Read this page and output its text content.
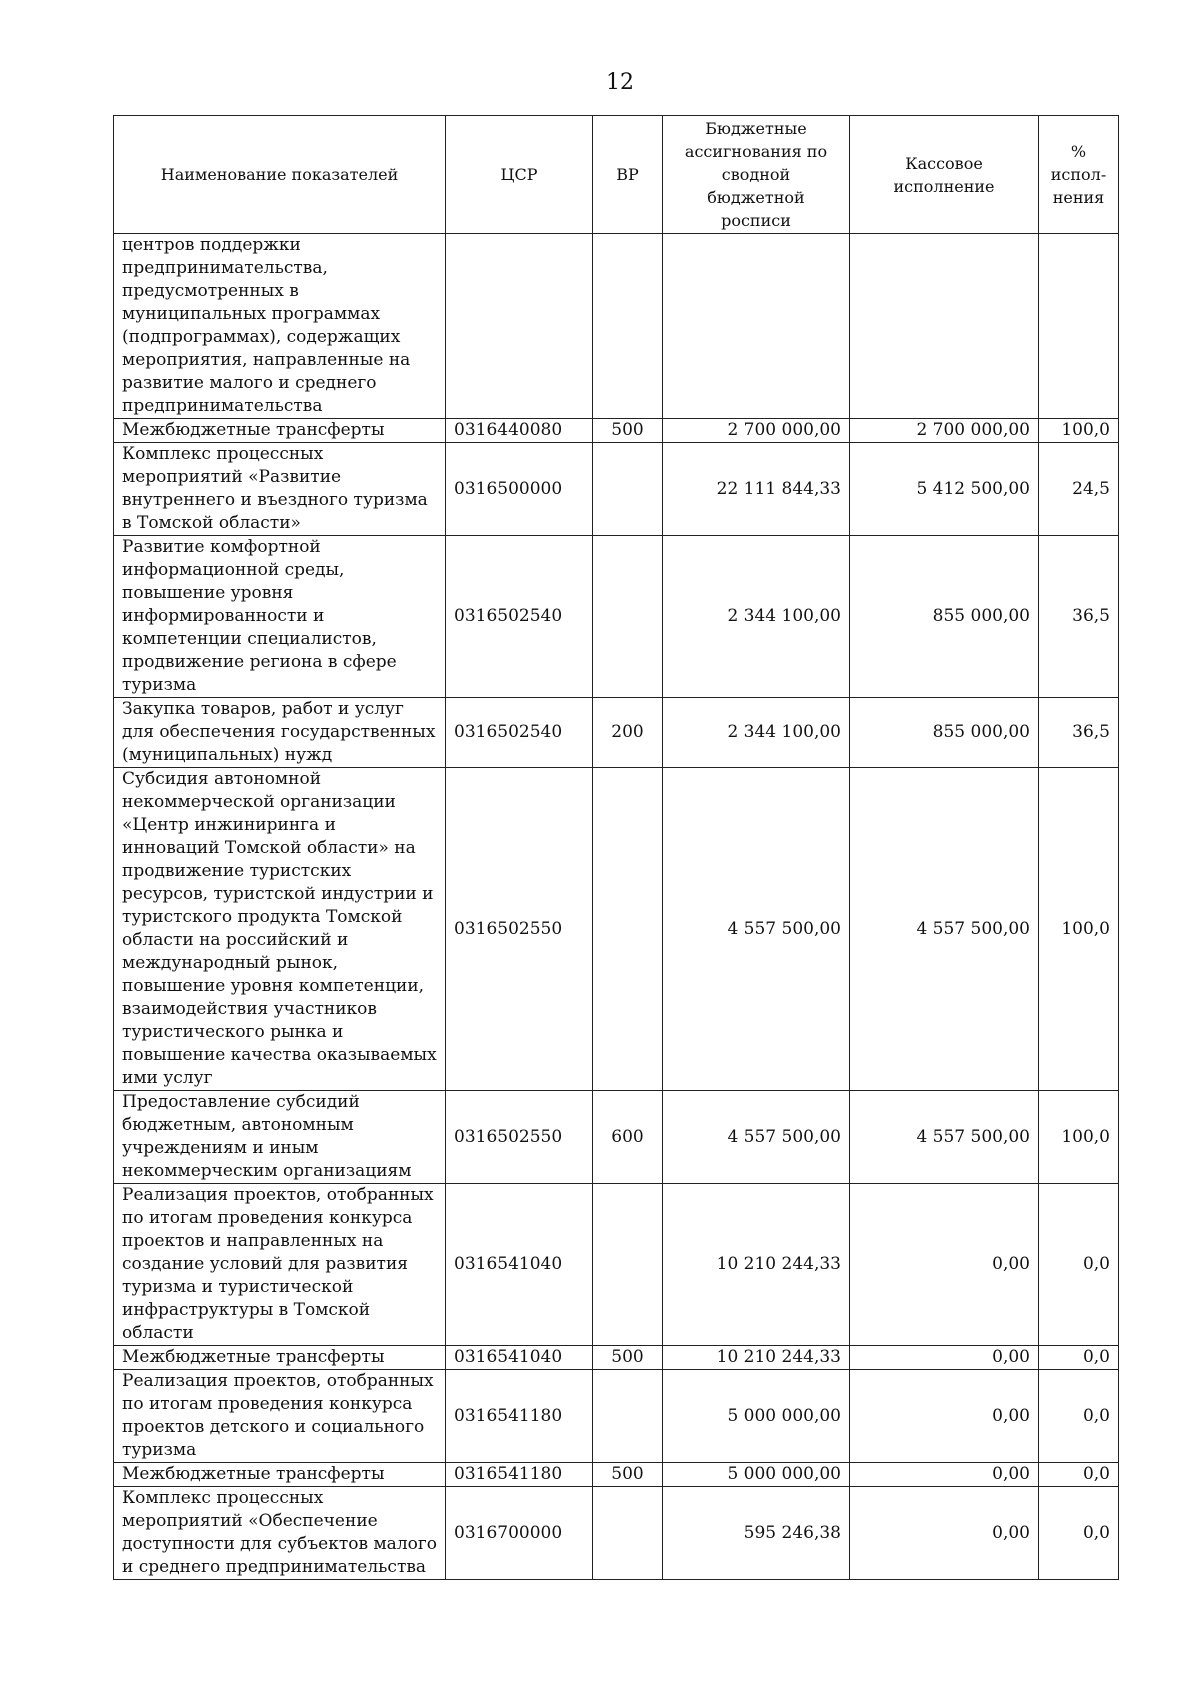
12
Наименование показателей	ЦСР	ВР	Бюджетные ассигнования по сводной бюджетной росписи	Кассовое исполнение	% испол-нения
центров поддержки предпринимательства, предусмотренных в муниципальных программах (подпрограммах), содержащих мероприятия, направленные на развитие малого и среднего предпринимательства					
Межбюджетные трансферты	0316440080	500	2 700 000,00	2 700 000,00	100,0
Комплекс процессных мероприятий «Развитие внутреннего и въездного туризма в Томской области»	0316500000		22 111 844,33	5 412 500,00	24,5
Развитие комфортной информационной среды, повышение уровня информированности и компетенции специалистов, продвижение региона в сфере туризма	0316502540		2 344 100,00	855 000,00	36,5
Закупка товаров, работ и услуг для обеспечения государственных (муниципальных) нужд	0316502540	200	2 344 100,00	855 000,00	36,5
Субсидия автономной некоммерческой организации «Центр инжиниринга и инноваций Томской области» на продвижение туристских ресурсов, туристской индустрии и туристского продукта Томской области на российский и международный рынок, повышение уровня компетенции, взаимодействия участников туристического рынка и повышение качества оказываемых ими услуг	0316502550		4 557 500,00	4 557 500,00	100,0
Предоставление субсидий бюджетным, автономным учреждениям и иным некоммерческим организациям	0316502550	600	4 557 500,00	4 557 500,00	100,0
Реализация проектов, отобранных по итогам проведения конкурса проектов и направленных на создание условий для развития туризма и туристической инфраструктуры в Томской области	0316541040		10 210 244,33	0,00	0,0
Межбюджетные трансферты	0316541040	500	10 210 244,33	0,00	0,0
Реализация проектов, отобранных по итогам проведения конкурса проектов детского и социального туризма	0316541180		5 000 000,00	0,00	0,0
Межбюджетные трансферты	0316541180	500	5 000 000,00	0,00	0,0
Комплекс процессных мероприятий «Обеспечение доступности для субъектов малого и среднего предпринимательства	0316700000		595 246,38	0,00	0,0
